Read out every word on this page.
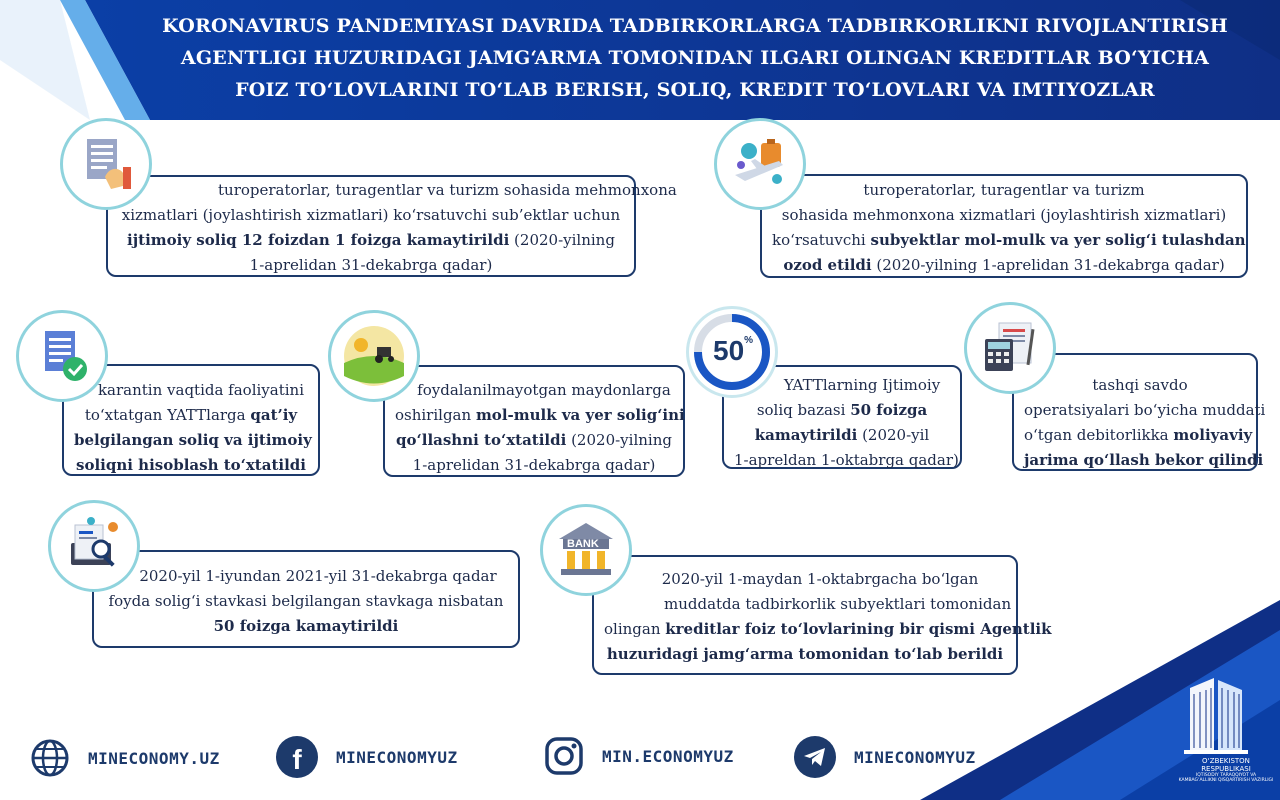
KORONAVIRUS PANDEMIYASI DAVRIDA TADBIRKORLARGA TADBIRKORLIKNI RIVOJLANTIRISH
AGENTLIGI HUZURIDAGI JAMG‘ARMA TOMONIDAN ILGARI OLINGAN KREDITLAR BO‘YICHA
FOIZ TO‘LOVLARINI TO‘LAB BERISH, SOLIQ, KREDIT TO‘LOVLARI VA IMTIYOZLAR
turoperatorlar, turagentlar va turizm sohasida mehmonxona
xizmatlari (joylashtirish xizmatlari) ko‘rsatuvchi sub’ektlar uchun
ijtimoiy soliq 12 foizdan 1 foizga kamaytirildi (2020-yilning
1-aprelidan 31-dekabrga qadar)
turoperatorlar, turagentlar va turizm
sohasida mehmonxona xizmatlari (joylashtirish xizmatlari)
ko‘rsatuvchi subyektlar mol-mulk va yer solig‘i tulashdan
ozod etildi (2020-yilning 1-aprelidan 31-dekabrga qadar)
karantin vaqtida faoliyatini
to‘xtatgan YATTlarga qat’iy
belgilangan soliq va ijtimoiy
soliqni hisoblash to‘xtatildi
foydalanilmayotgan maydonlarga
oshirilgan mol-mulk va yer solig‘ini
qo‘llashni to‘xtatildi (2020-yilning
1-aprelidan 31-dekabrga qadar)
YATTlarning Ijtimoiy
soliq bazasi 50 foizga
kamaytirildi (2020-yil
1-apreldan 1-oktabrga qadar)
50%
tashqi savdo
operatsiyalari bo‘yicha muddati
o‘tgan debitorlikka moliyaviy
jarima qo‘llash bekor qilindi
2020-yil 1-iyundan 2021-yil 31-dekabrga qadar
foyda solig‘i stavkasi belgilangan stavkaga nisbatan
50 foizga kamaytirildi
2020-yil 1-maydan 1-oktabrgacha bo‘lgan
muddatda tadbirkorlik subyektlari tomonidan
olingan kreditlar foiz to‘lovlarining bir qismi Agentlik
huzuridagi jamg‘arma tomonidan to‘lab berildi
BANK
O‘ZBEKISTON RESPUBLIKASI
IQTISODIY TARAQQIYOT VA KAMBAG‘ALLIKNI QISQARTIRISH VAZIRLIGI
MINECONOMY.UZ	f MINECONOMYUZ	MIN.ECONOMYUZ	MINECONOMYUZ
